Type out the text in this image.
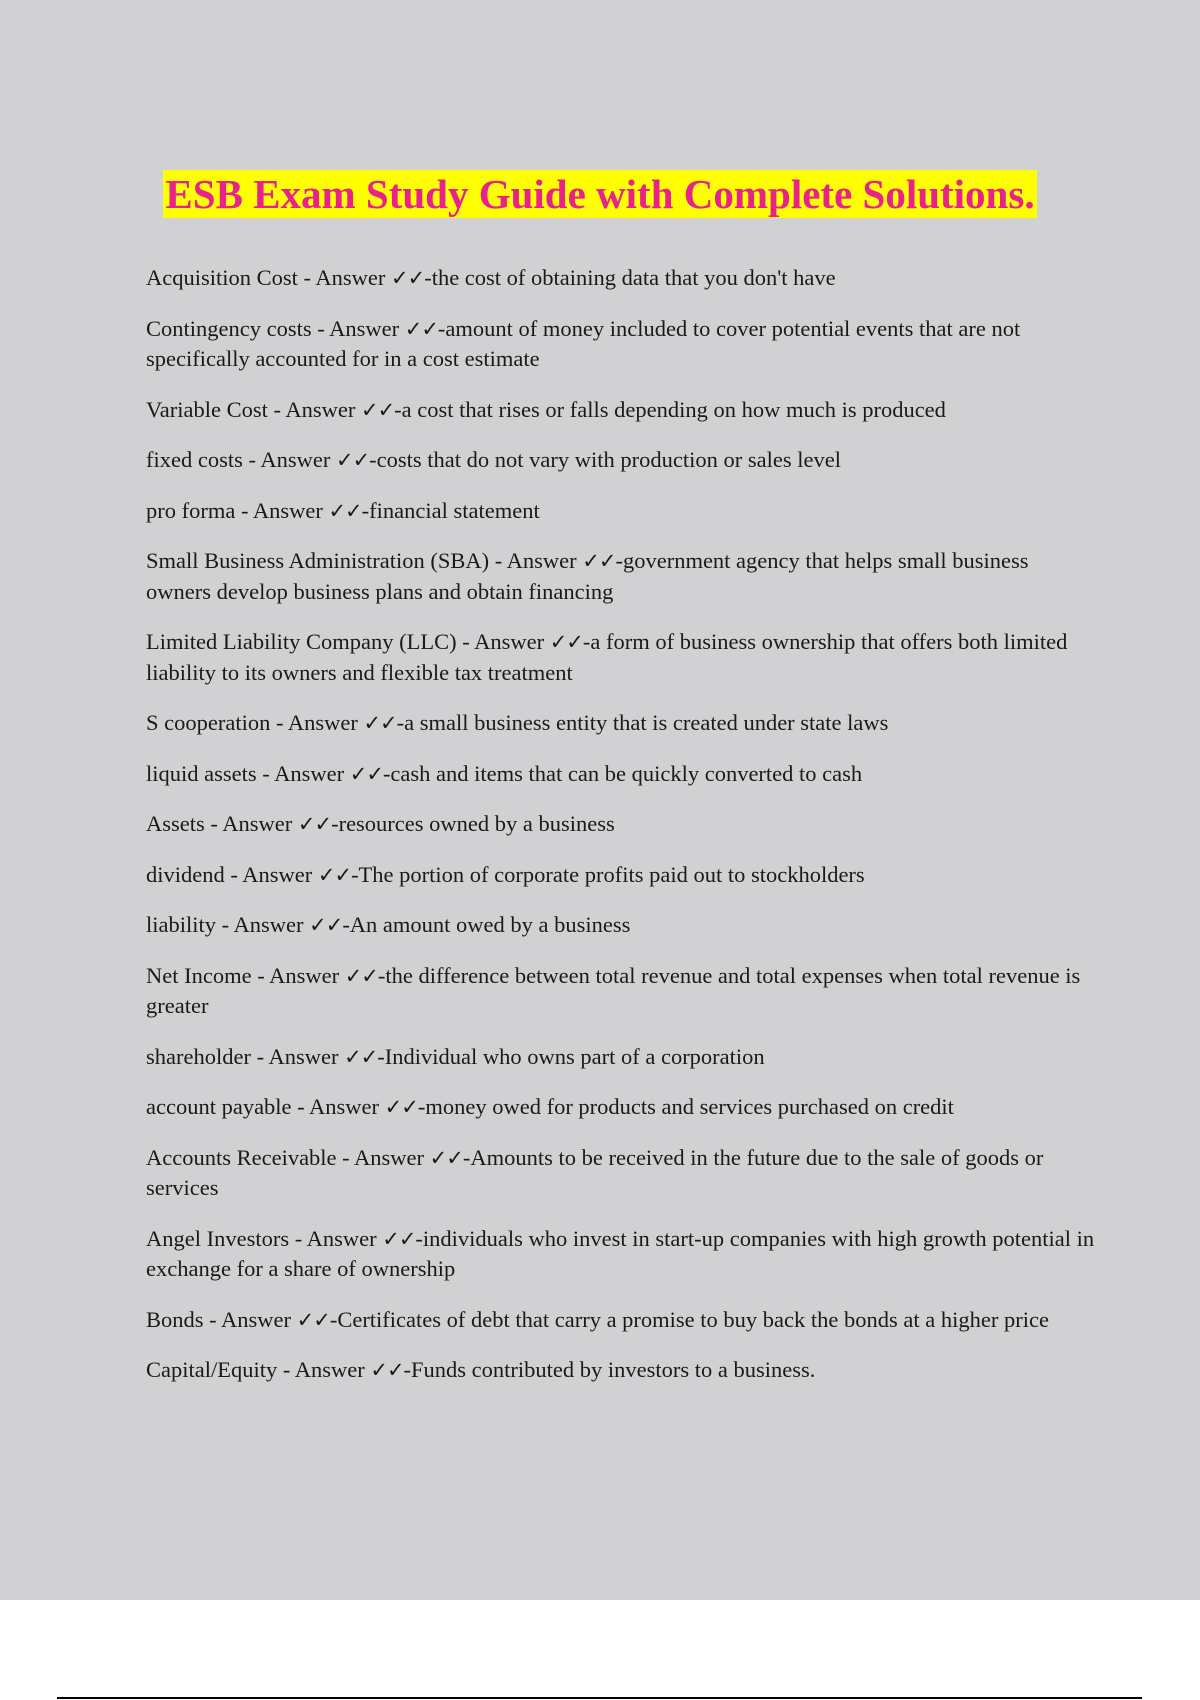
ESB Exam Study Guide with Complete Solutions.

Acquisition Cost - Answer ✓✓-the cost of obtaining data that you don't have

Contingency costs - Answer ✓✓-amount of money included to cover potential events that are not specifically accounted for in a cost estimate

Variable Cost - Answer ✓✓-a cost that rises or falls depending on how much is produced

fixed costs - Answer ✓✓-costs that do not vary with production or sales level

pro forma - Answer ✓✓-financial statement

Small Business Administration (SBA) - Answer ✓✓-government agency that helps small business owners develop business plans and obtain financing

Limited Liability Company (LLC) - Answer ✓✓-a form of business ownership that offers both limited liability to its owners and flexible tax treatment

S cooperation - Answer ✓✓-a small business entity that is created under state laws

liquid assets - Answer ✓✓-cash and items that can be quickly converted to cash

Assets - Answer ✓✓-resources owned by a business

dividend - Answer ✓✓-The portion of corporate profits paid out to stockholders

liability - Answer ✓✓-An amount owed by a business

Net Income - Answer ✓✓-the difference between total revenue and total expenses when total revenue is greater

shareholder - Answer ✓✓-Individual who owns part of a corporation

account payable - Answer ✓✓-money owed for products and services purchased on credit

Accounts Receivable - Answer ✓✓-Amounts to be received in the future due to the sale of goods or services

Angel Investors - Answer ✓✓-individuals who invest in start-up companies with high growth potential in exchange for a share of ownership

Bonds - Answer ✓✓-Certificates of debt that carry a promise to buy back the bonds at a higher price

Capital/Equity - Answer ✓✓-Funds contributed by investors to a business.
